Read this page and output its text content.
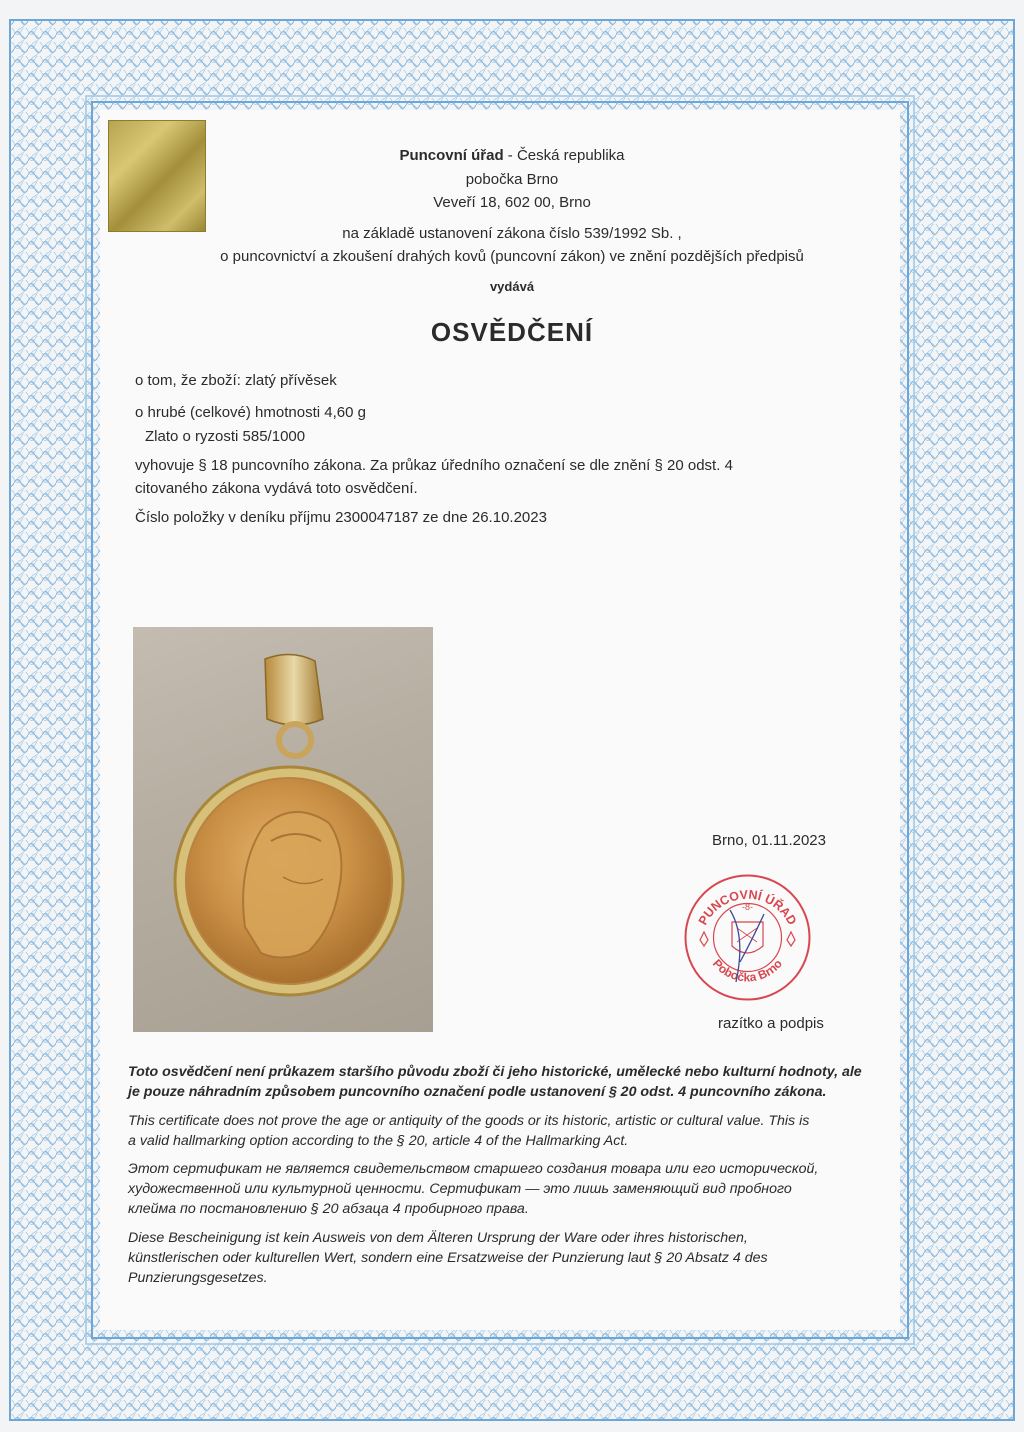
Puncovní úřad - Česká republika
pobočka Brno
Veveří 18, 602 00, Brno
na základě ustanovení zákona číslo 539/1992 Sb. ,
o puncovnictví a zkoušení drahých kovů (puncovní zákon) ve znění pozdějších předpisů
vydává
OSVĚDČENÍ
o tom, že zboží: zlatý přívěsek
o hrubé (celkové) hmotnosti 4,60 g
Zlato o ryzosti 585/1000
vyhovuje § 18 puncovního zákona. Za průkaz úředního označení se dle znění § 20 odst. 4
citovaného zákona vydává toto osvědčení.
Číslo položky v deníku příjmu 2300047187 ze dne 26.10.2023
Brno, 01.11.2023
PUNCOVNÍ ÚŘAD
Pobočka Brno
-8-
razítko a podpis
Toto osvědčení není průkazem staršího původu zboží či jeho historické, umělecké nebo kulturní hodnoty, ale
je pouze náhradním způsobem puncovního označení podle ustanovení § 20 odst. 4 puncovního zákona.
This certificate does not prove the age or antiquity of the goods or its historic, artistic or cultural value. This is
a valid hallmarking option according to the § 20, article 4 of the Hallmarking Act.
Этот сертификат не является свидетельством старшего создания товара или его исторической,
художественной или культурной ценности. Сертификат — это лишь заменяющий вид пробного
клейма по постановлению § 20 абзаца 4 пробирного права.
Diese Bescheinigung ist kein Ausweis von dem Älteren Ursprung der Ware oder ihres historischen,
künstlerischen oder kulturellen Wert, sondern eine Ersatzweise der Punzierung laut § 20 Absatz 4 des
Punzierungsgesetzes.
